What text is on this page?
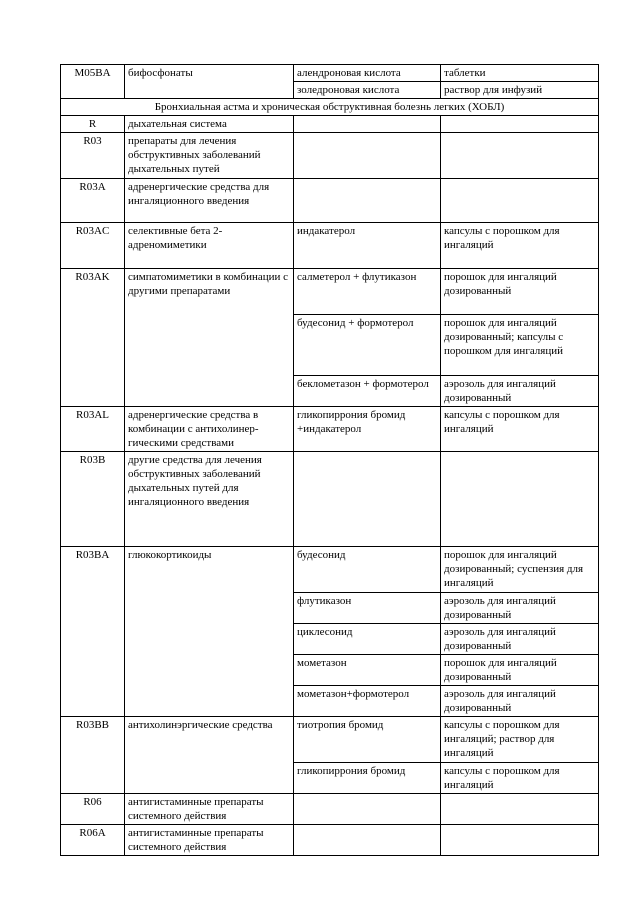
M05BA	бифосфонаты	алендроновая кислота	таблетки
		золедроновая кислота	раствор для инфузий
Бронхиальная астма и хроническая обструктивная болезнь легких (ХОБЛ)			
R	дыхательная система		
R03	препараты для лечения обструктивных заболеваний дыхательных путей		
R03A	адренергические средства для ингаляционного введения		
R03AC	селективные бета 2-адреномиметики	индакатерол	капсулы с порошком для ингаляций
R03AK	симпатомиметики в комбинации с другими препаратами	салметерол + флутиказон	порошок для ингаляций дозированный
		будесонид + формотерол	порошок для ингаляций дозированный; капсулы с порошком для ингаляций
		беклометазон + формотерол	аэрозоль для ингаляций дозированный
R03AL	адренергические средства в комбинации с антихолинер-гическими средствами	гликопиррония бромид +индакатерол	капсулы с порошком для ингаляций
R03B	другие средства для лечения обструктивных заболеваний дыхательных путей для ингаляционного введения		
R03BA	глюкокортикоиды	будесонид	порошок для ингаляций дозированный; суспензия для ингаляций
		флутиказон	аэрозоль для ингаляций дозированный
		циклесонид	аэрозоль для ингаляций дозированный
		мометазон	порошок для ингаляций дозированный
		мометазон+формотерол	аэрозоль для ингаляций дозированный
R03BB	антихолинэргические средства	тиотропия бромид	капсулы с порошком для ингаляций; раствор для ингаляций
		гликопиррония бромид	капсулы с порошком для ингаляций
R06	антигистаминные препараты системного действия		
R06A	антигистаминные препараты системного действия		
